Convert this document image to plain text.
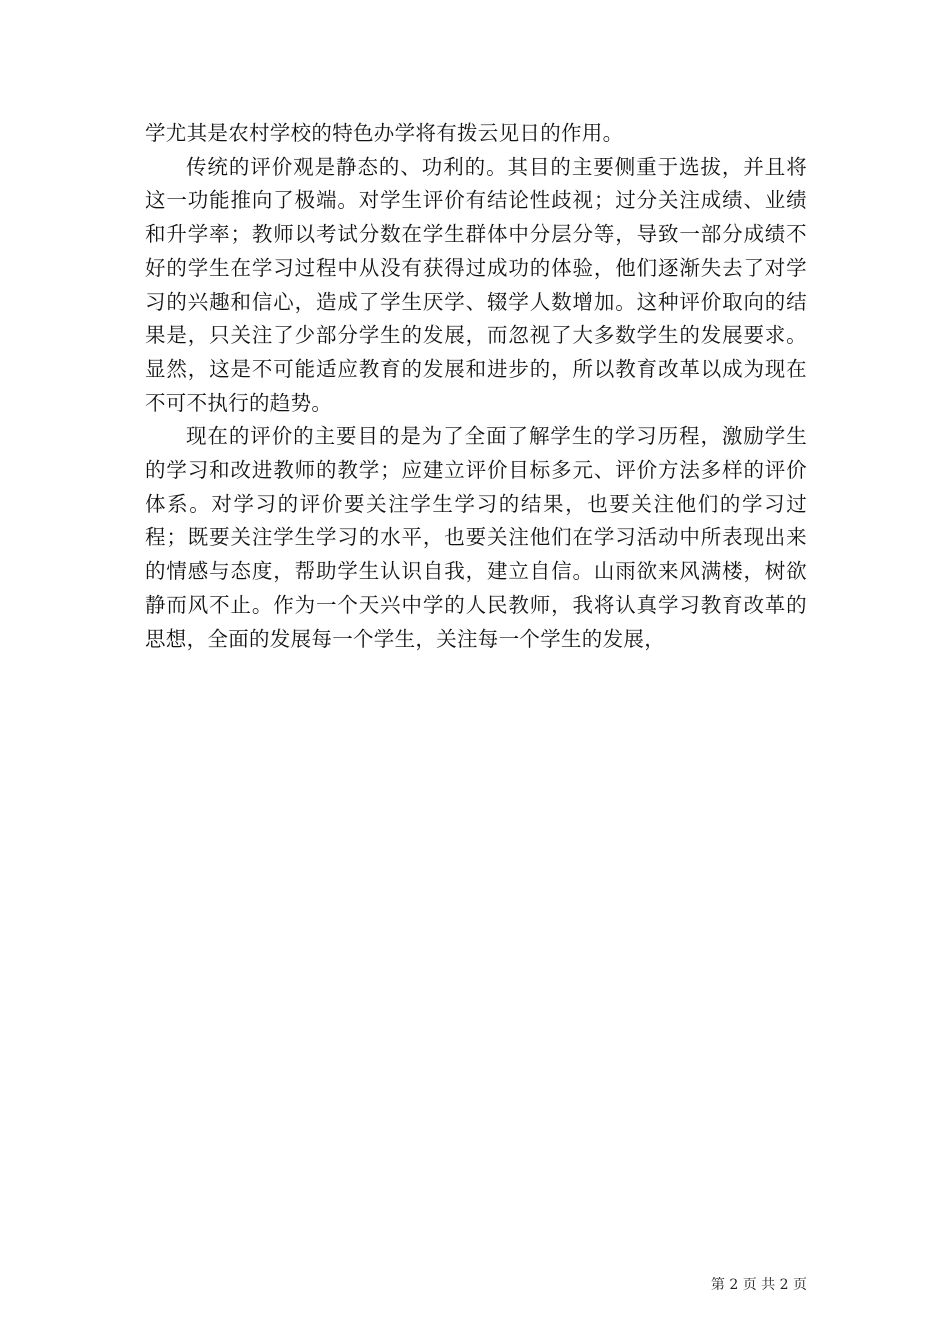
学尤其是农村学校的特色办学将有拨云见日的作用。

传统的评价观是静态的、功利的。其目的主要侧重于选拔，并且将这一功能推向了极端。对学生评价有结论性歧视；过分关注成绩、业绩和升学率；教师以考试分数在学生群体中分层分等，导致一部分成绩不好的学生在学习过程中从没有获得过成功的体验，他们逐渐失去了对学习的兴趣和信心，造成了学生厌学、辍学人数增加。这种评价取向的结果是，只关注了少部分学生的发展，而忽视了大多数学生的发展要求。显然，这是不可能适应教育的发展和进步的，所以教育改革以成为现在不可不执行的趋势。

现在的评价的主要目的是为了全面了解学生的学习历程，激励学生的学习和改进教师的教学；应建立评价目标多元、评价方法多样的评价体系。对学习的评价要关注学生学习的结果，也要关注他们的学习过程；既要关注学生学习的水平，也要关注他们在学习活动中所表现出来的情感与态度，帮助学生认识自我，建立自信。山雨欲来风满楼，树欲静而风不止。作为一个天兴中学的人民教师，我将认真学习教育改革的思想，全面的发展每一个学生，关注每一个学生的发展，

第 2 页 共 2 页
